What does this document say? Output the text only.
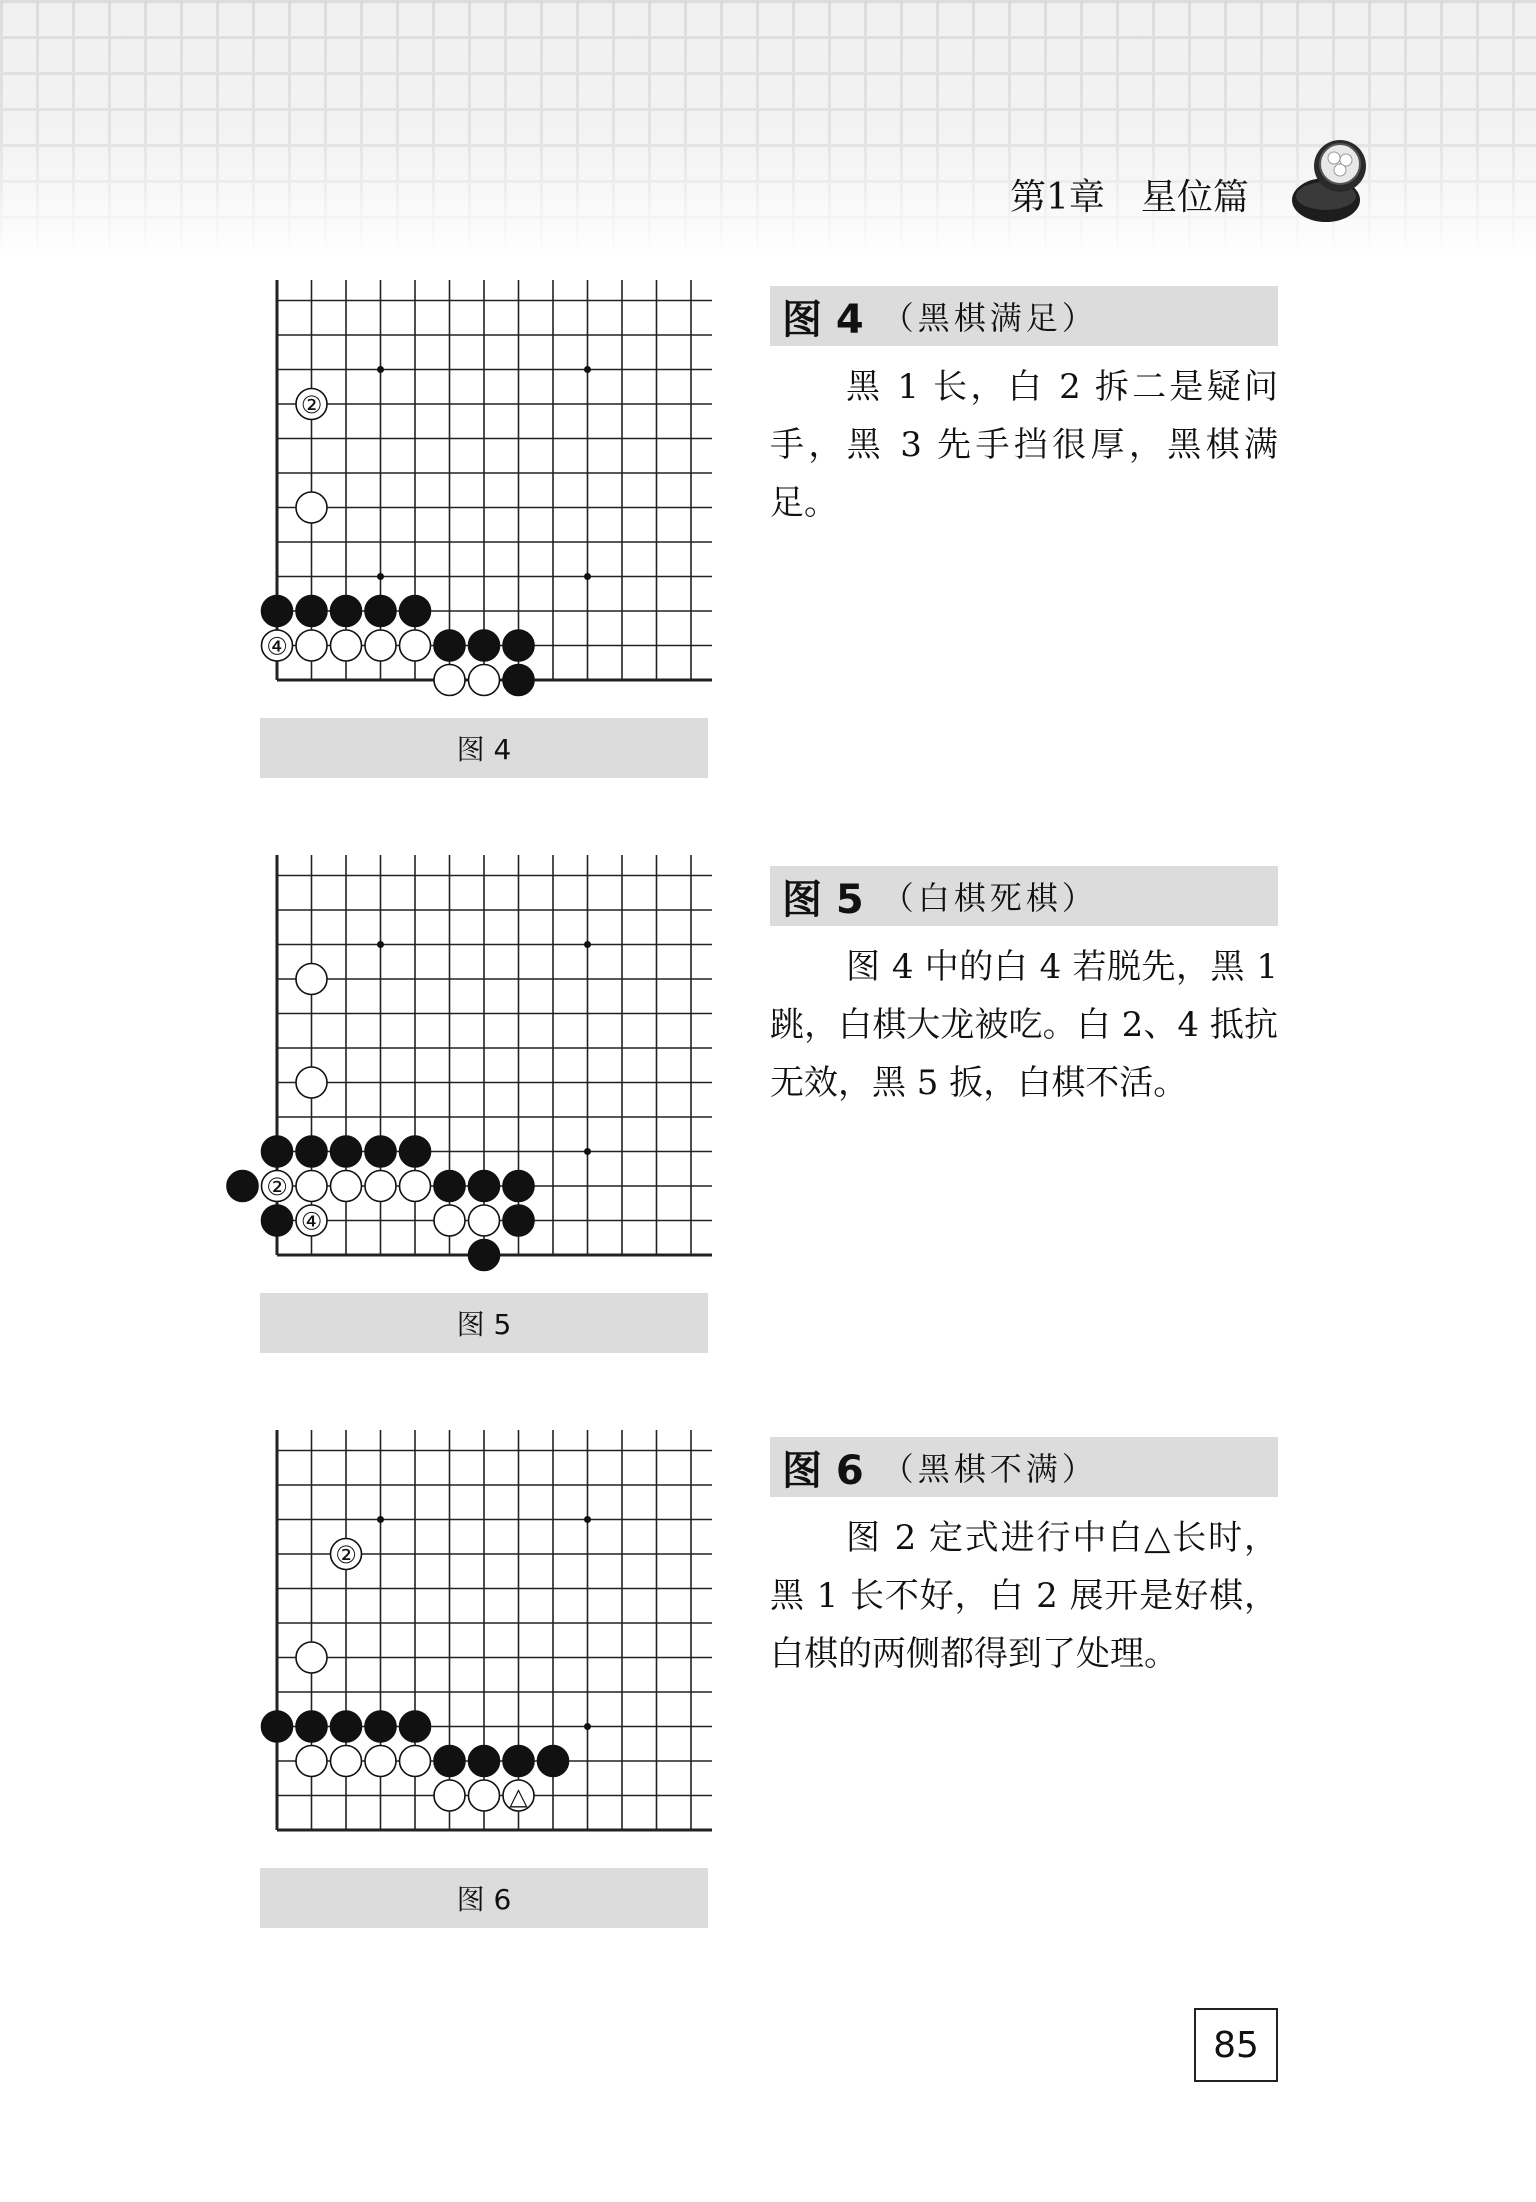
第1章　星位篇
②
④	❶
❸
图 4
图 4 （黑棋满足）

黑 1 长，白 2 拆二是疑问手，黑 3 先手挡很厚，黑棋满足。

❸ ②
❶ ④
❺
图 5
图 5 （白棋死棋）

图 4 中的白 4 若脱先，黑 1 跳，白棋大龙被吃。白 2、4 抵抗无效，黑 5 扳，白棋不活。

②
❶
△
图 6
图 6 （黑棋不满）

图 2 定式进行中白△长时，黑 1 长不好，白 2 展开是好棋，白棋的两侧都得到了处理。

85
